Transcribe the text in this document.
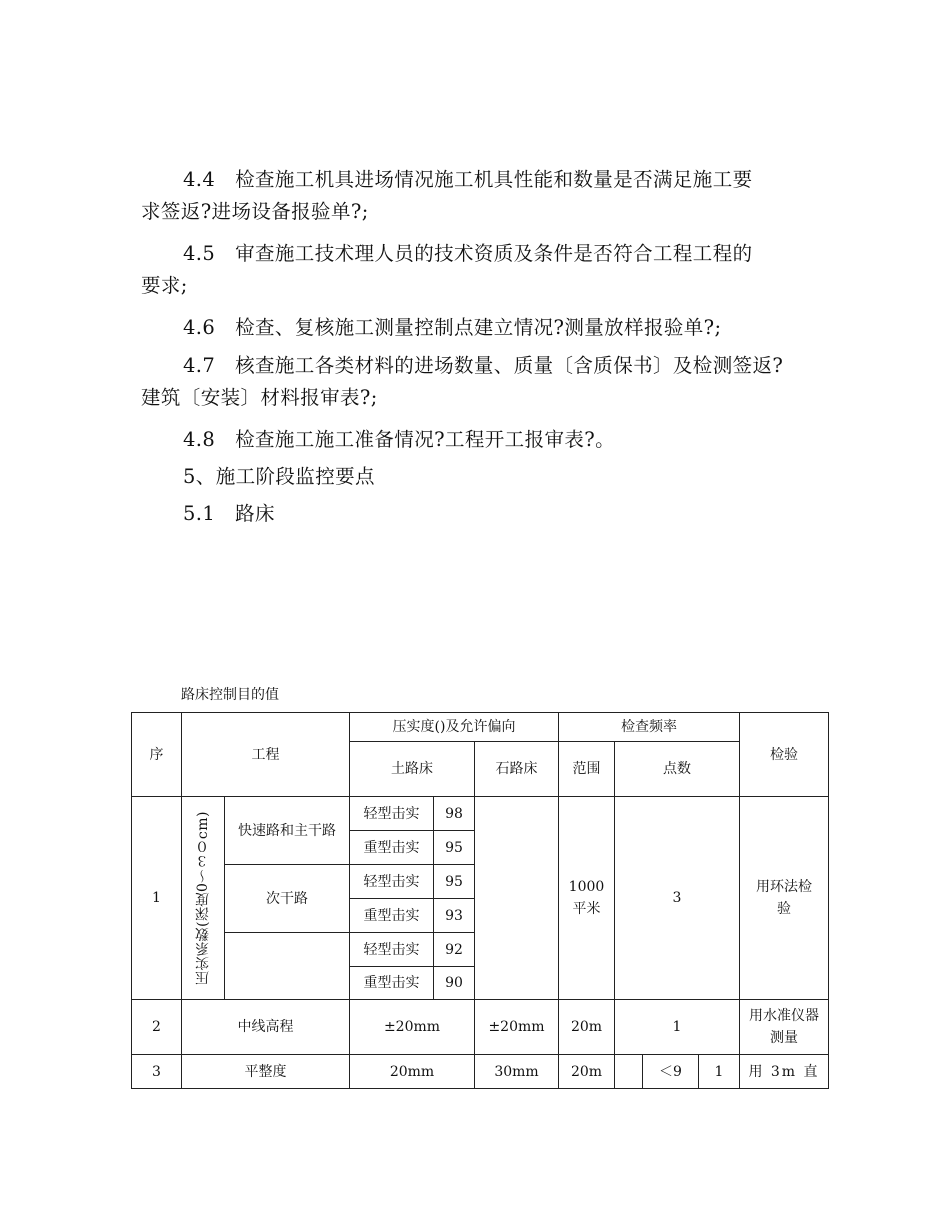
4.4　检查施工机具进场情况施工机具性能和数量是否满足施工要
求签返?进场设备报验单?;
4.5　审查施工技术理人员的技术资质及条件是否符合工程工程的
要求;
4.6　检查、复核施工测量控制点建立情况?测量放样报验单?;
4.7　核查施工各类材料的进场数量、质量〔含质保书〕及检测签返?
建筑〔安装〕材料报审表?;
4.8　检查施工施工准备情况?工程开工报审表?。
5、施工阶段监控要点
5.1　路床
路床控制目的值
序	工程		压实度()及允许偏向			检查频率				检验
			土路床		石路床	范围	点数			
1	压实系数(深度0～３０cm)	快速路和主干路	轻型击实	98		1000平米	3			用环法检验
			重型击实	95						
		次干路	轻型击实	95						
			重型击实	93						
			轻型击实	92						
			重型击实	90						
2	中线高程		±20mm		±20mm	20m	1			用水准仪器测量
3	平整度		20mm		30mm	20m		＜9	1	用 3m 直
